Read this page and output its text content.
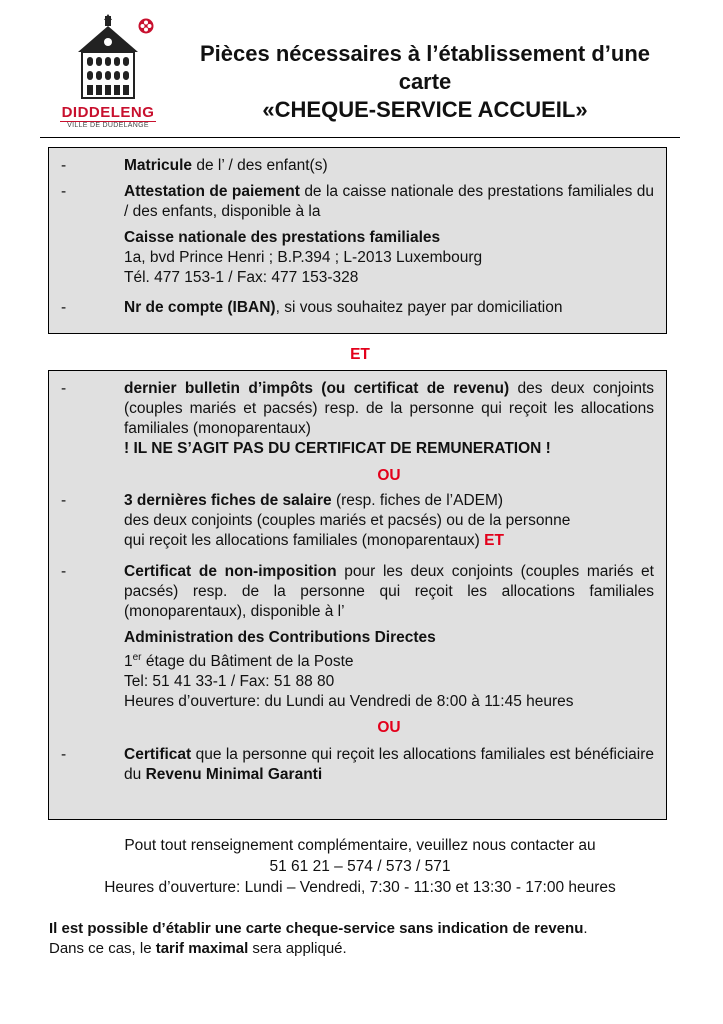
DIDDELENG
VILLE DE DUDELANGE
Pièces nécessaires à l’établissement d’une
carte
«CHEQUE-SERVICE ACCUEIL»
-	Matricule de l’ / des enfant(s)
-	Attestation de paiement de la caisse nationale des prestations familiales du / des enfants, disponible à la
Caisse nationale des prestations familiales
1a, bvd Prince Henri ; B.P.394 ; L-2013 Luxembourg
Tél. 477 153-1 / Fax: 477 153-328
-	Nr de compte (IBAN), si vous souhaitez payer par domiciliation
ET
-	dernier bulletin d’impôts (ou certificat de revenu) des deux conjoints (couples mariés et pacsés) resp. de la personne qui reçoit les allocations familiales (monoparentaux)
! IL NE S’AGIT PAS DU CERTIFICAT DE REMUNERATION !
OU
-	3 dernières fiches de salaire (resp. fiches de l’ADEM)
des deux conjoints (couples mariés et pacsés) ou de la personne
qui reçoit les allocations familiales (monoparentaux) ET
-	Certificat de non-imposition pour les deux conjoints (couples mariés et pacsés) resp. de la personne qui reçoit les allocations familiales (monoparentaux), disponible à l’
Administration des Contributions Directes
1er étage du Bâtiment de la Poste
Tel: 51 41 33-1 / Fax: 51 88 80
Heures d’ouverture: du Lundi au Vendredi de 8:00 à 11:45 heures
OU
-	Certificat que la personne qui reçoit les allocations familiales est bénéficiaire du Revenu Minimal Garanti
Pout tout renseignement complémentaire, veuillez nous contacter au
51 61 21 – 574 / 573 / 571
Heures d’ouverture: Lundi – Vendredi, 7:30 - 11:30 et 13:30 - 17:00 heures
Il est possible d’établir une carte cheque-service sans indication de revenu.
Dans ce cas, le tarif maximal sera appliqué.
